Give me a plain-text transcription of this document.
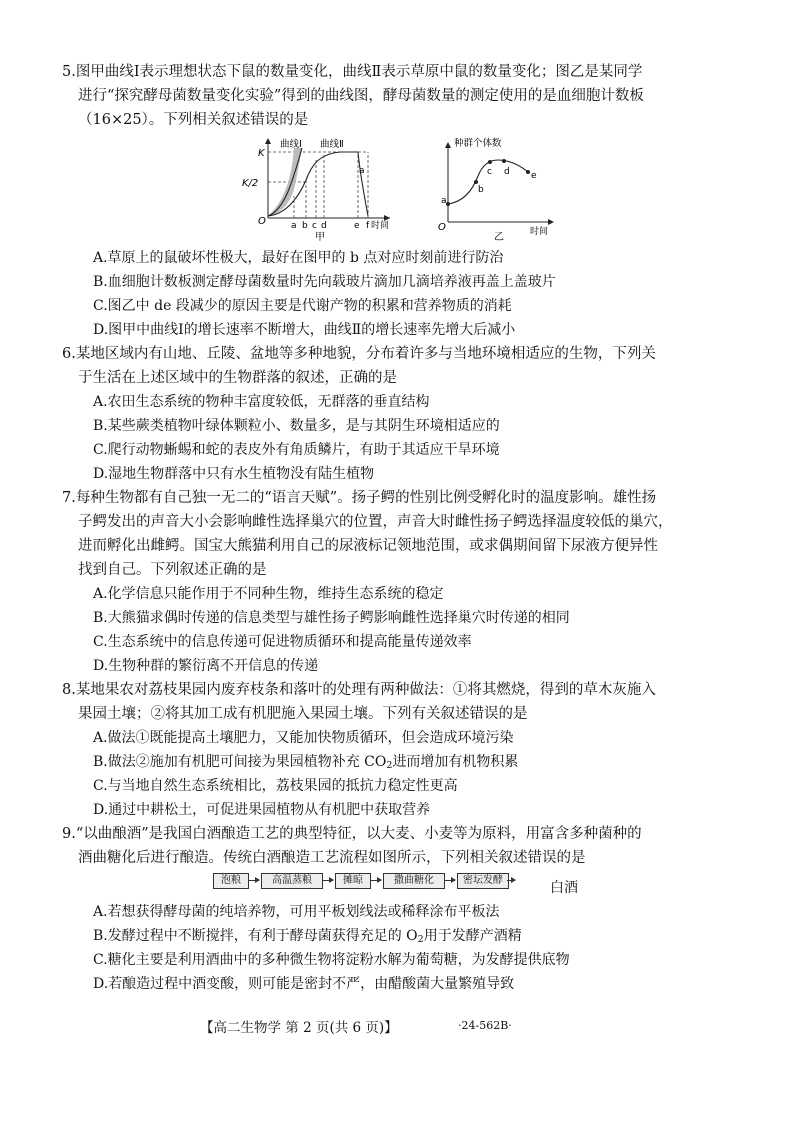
5.图甲曲线Ⅰ表示理想状态下鼠的数量变化，曲线Ⅱ表示草原中鼠的数量变化；图乙是某同学
进行“探究酵母菌数量变化实验”得到的曲线图，酵母菌数量的测定使用的是血细胞计数板
（16×25）。下列相关叙述错误的是
K
K/2
O
曲线Ⅰ 曲线Ⅱ
a
a b c d	e f 时间
甲
种群个体数
a
b
c d e
O	时间
乙
A.草原上的鼠破坏性极大，最好在图甲的 b 点对应时刻前进行防治
B.血细胞计数板测定酵母菌数量时先向载玻片滴加几滴培养液再盖上盖玻片
C.图乙中 de 段减少的原因主要是代谢产物的积累和营养物质的消耗
D.图甲中曲线Ⅰ的增长速率不断增大，曲线Ⅱ的增长速率先增大后减小
6.某地区域内有山地、丘陵、盆地等多种地貌，分布着许多与当地环境相适应的生物，下列关
于生活在上述区域中的生物群落的叙述，正确的是
A.农田生态系统的物种丰富度较低，无群落的垂直结构
B.某些蕨类植物叶绿体颗粒小、数量多，是与其阴生环境相适应的
C.爬行动物蜥蜴和蛇的表皮外有角质鳞片，有助于其适应干旱环境
D.湿地生物群落中只有水生植物没有陆生植物
7.每种生物都有自己独一无二的“语言天赋”。扬子鳄的性别比例受孵化时的温度影响。雄性扬
子鳄发出的声音大小会影响雌性选择巢穴的位置，声音大时雌性扬子鳄选择温度较低的巢穴，
进而孵化出雌鳄。国宝大熊猫利用自己的尿液标记领地范围，或求偶期间留下尿液方便异性
找到自己。下列叙述正确的是
A.化学信息只能作用于不同种生物，维持生态系统的稳定
B.大熊猫求偶时传递的信息类型与雄性扬子鳄影响雌性选择巢穴时传递的相同
C.生态系统中的信息传递可促进物质循环和提高能量传递效率
D.生物种群的繁衍离不开信息的传递
8.某地果农对荔枝果园内废弃枝条和落叶的处理有两种做法：①将其燃烧，得到的草木灰施入
果园土壤；②将其加工成有机肥施入果园土壤。下列有关叙述错误的是
A.做法①既能提高土壤肥力，又能加快物质循环，但会造成环境污染
B.做法②施加有机肥可间接为果园植物补充 $CO_2$进而增加有机物积累
C.与当地自然生态系统相比，荔枝果园的抵抗力稳定性更高
D.通过中耕松土，可促进果园植物从有机肥中获取营养
9.“以曲酿酒”是我国白酒酿造工艺的典型特征，以大麦、小麦等为原料，用富含多种菌种的
酒曲糖化后进行酿造。传统白酒酿造工艺流程如图所示，下列相关叙述错误的是
泡粮	高温蒸粮	摊晾	撒曲糖化	密坛发酵	白酒
A.若想获得酵母菌的纯培养物，可用平板划线法或稀释涂布平板法
B.发酵过程中不断搅拌，有利于酵母菌获得充足的 $O_2$用于发酵产酒精
C.糖化主要是利用酒曲中的多种微生物将淀粉水解为葡萄糖，为发酵提供底物
D.若酿造过程中酒变酸，则可能是密封不严，由醋酸菌大量繁殖导致
【高二生物学 第 2 页(共 6 页)】	·24-562B·
